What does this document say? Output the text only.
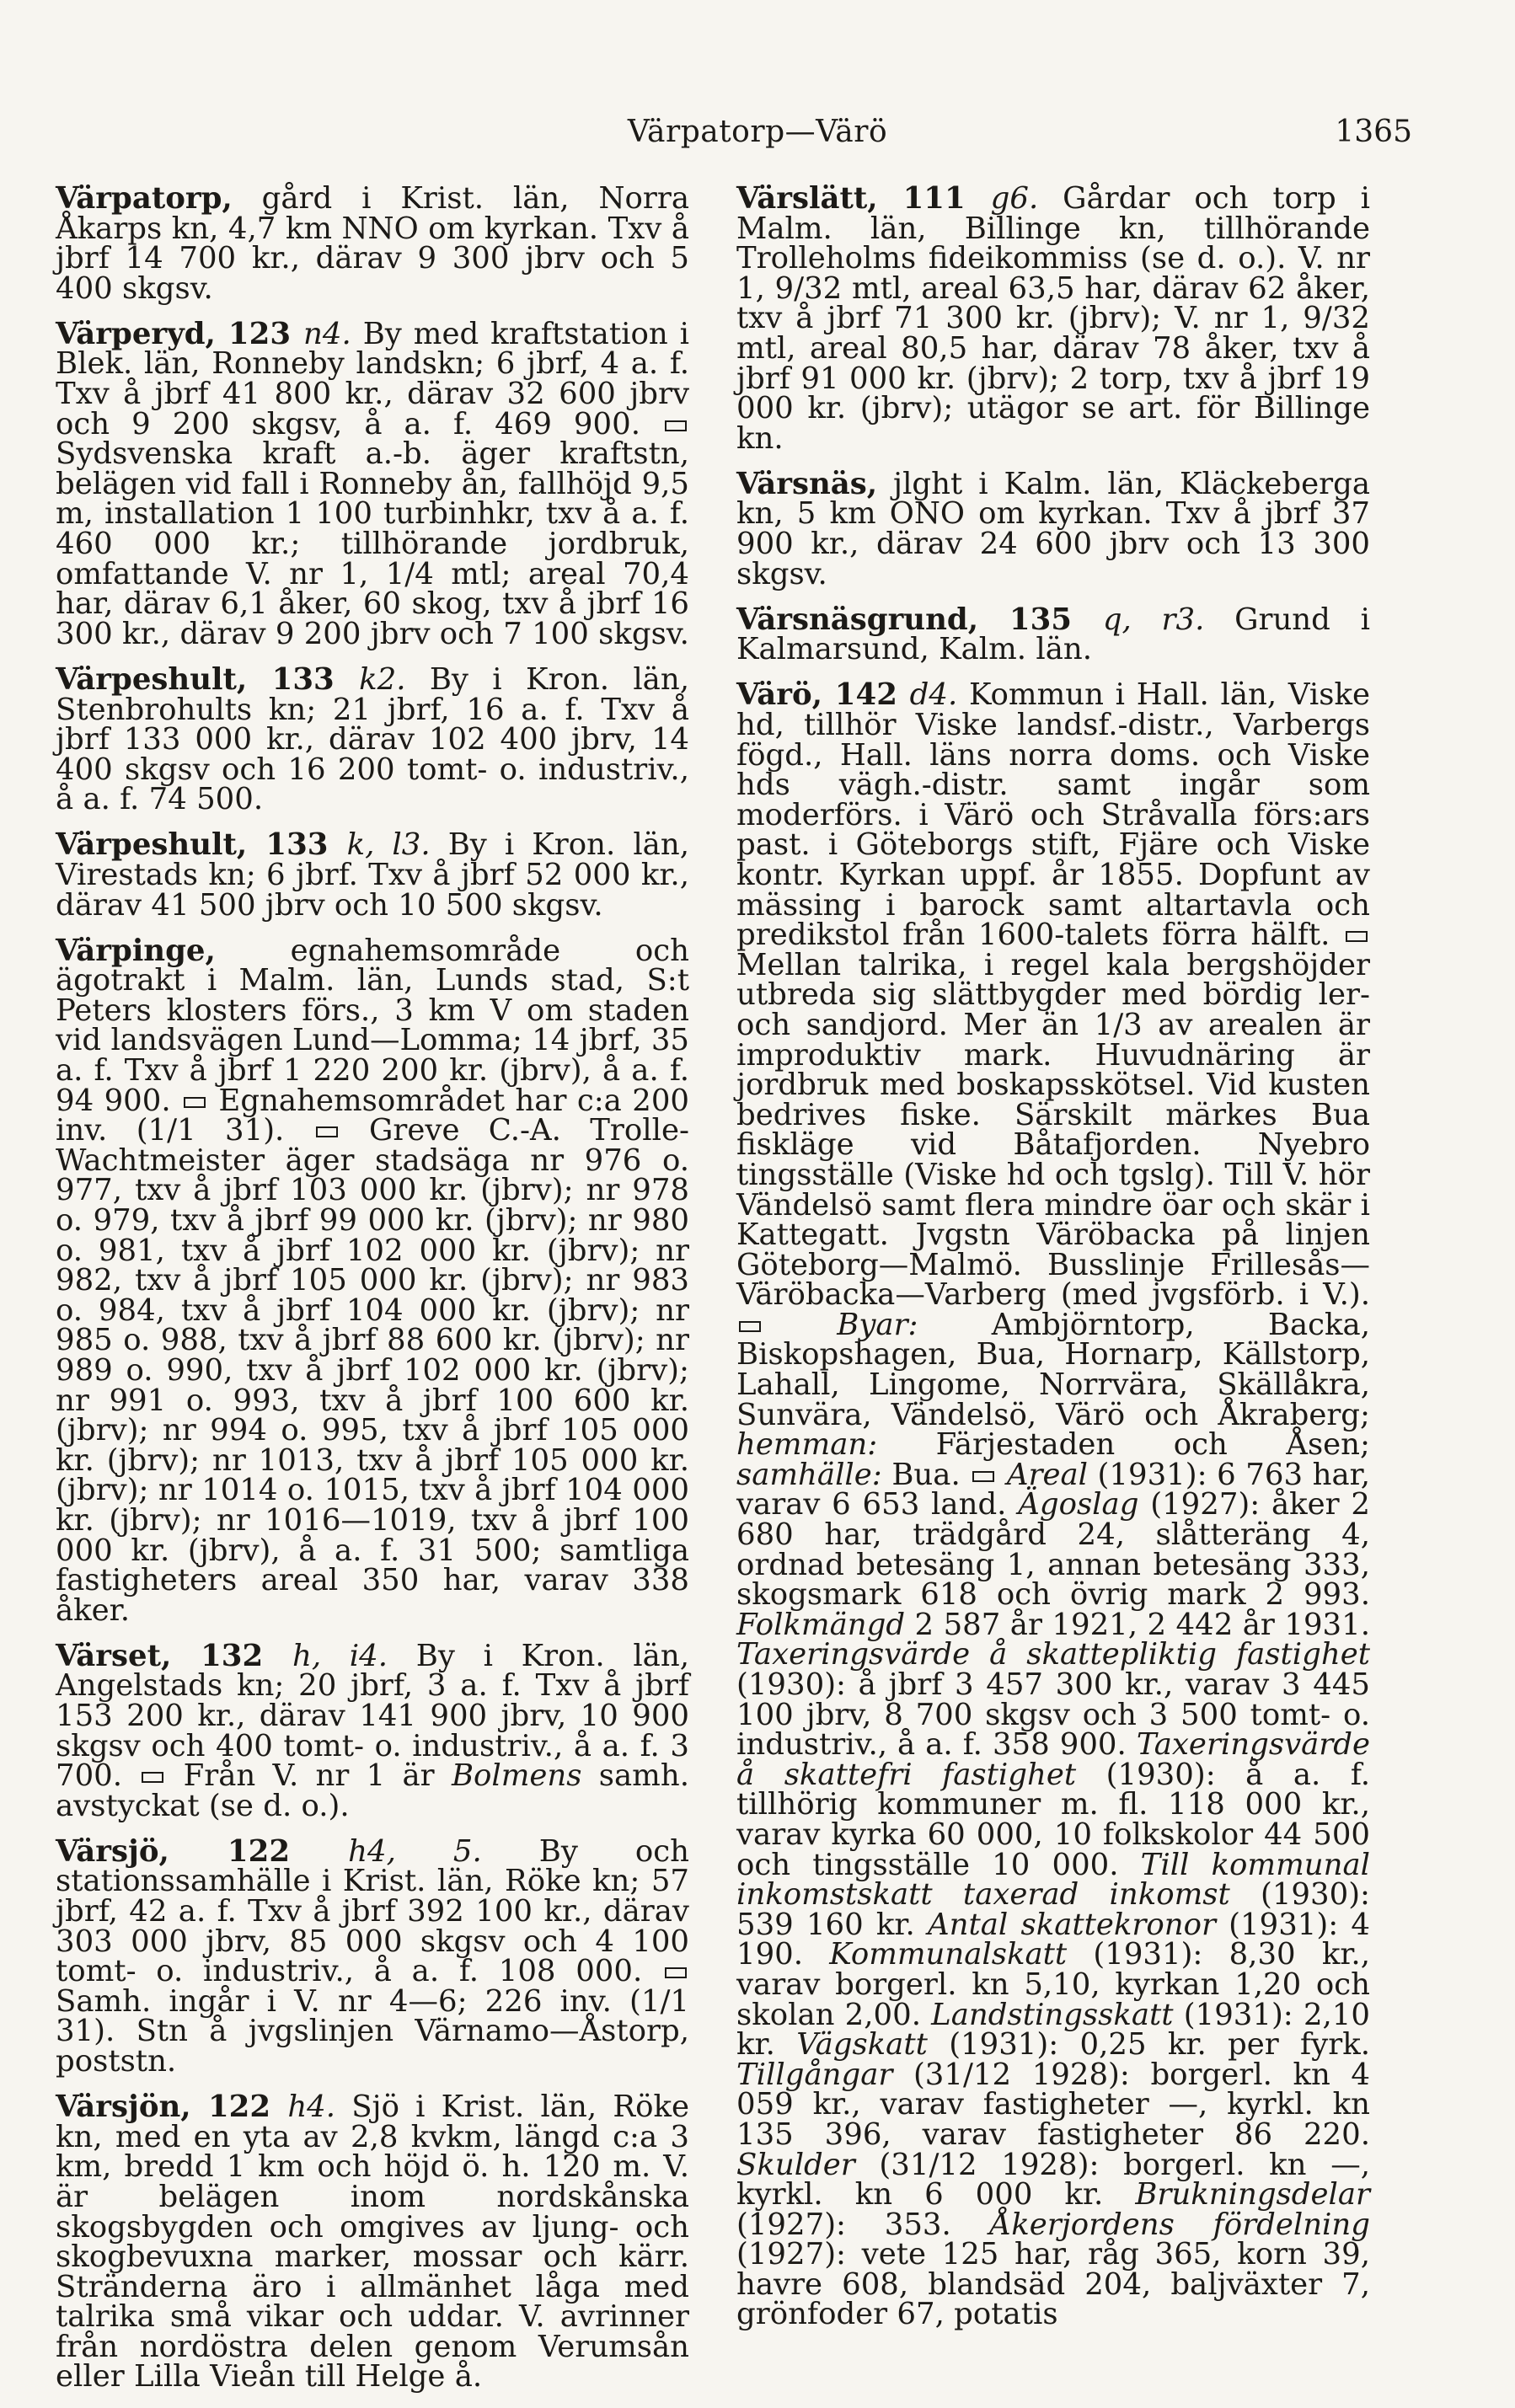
Värpatorp—Värö	1365

Värpatorp, gård i Krist. län, Norra Åkarps kn, 4,7 km NNO om kyrkan. Txv å jbrf 14 700 kr., därav 9 300 jbrv och 5 400 skgsv.

Värperyd, 123 n4. By med kraftstation i Blek. län, Ronneby landskn; 6 jbrf, 4 a. f. Txv å jbrf 41 800 kr., därav 32 600 jbrv och 9 200 skgsv, å a. f. 469 900.  Sydsvenska kraft a.-b. äger kraftstn, belägen vid fall i Ronneby ån, fallhöjd 9,5 m, installation 1 100 turbinhkr, txv å a. f. 460 000 kr.; tillhörande jordbruk, omfattande V. nr 1, 1/4 mtl; areal 70,4 har, därav 6,1 åker, 60 skog, txv å jbrf 16 300 kr., därav 9 200 jbrv och 7 100 skgsv.

Värpeshult, 133 k2. By i Kron. län, Stenbrohults kn; 21 jbrf, 16 a. f. Txv å jbrf 133 000 kr., därav 102 400 jbrv, 14 400 skgsv och 16 200 tomt- o. industriv., å a. f. 74 500.

Värpeshult, 133 k, l3. By i Kron. län, Virestads kn; 6 jbrf. Txv å jbrf 52 000 kr., därav 41 500 jbrv och 10 500 skgsv.

Värpinge, egnahemsområde och ägotrakt i Malm. län, Lunds stad, S:t Peters klosters förs., 3 km V om staden vid landsvägen Lund—Lomma; 14 jbrf, 35 a. f. Txv å jbrf 1 220 200 kr. (jbrv), å a. f. 94 900.  Egnahemsområdet har c:a 200 inv. (1/1 31).  Greve C.-A. Trolle-Wachtmeister äger stadsäga nr 976 o. 977, txv å jbrf 103 000 kr. (jbrv); nr 978 o. 979, txv å jbrf 99 000 kr. (jbrv); nr 980 o. 981, txv å jbrf 102 000 kr. (jbrv); nr 982, txv å jbrf 105 000 kr. (jbrv); nr 983 o. 984, txv å jbrf 104 000 kr. (jbrv); nr 985 o. 988, txv å jbrf 88 600 kr. (jbrv); nr 989 o. 990, txv å jbrf 102 000 kr. (jbrv); nr 991 o. 993, txv å jbrf 100 600 kr. (jbrv); nr 994 o. 995, txv å jbrf 105 000 kr. (jbrv); nr 1013, txv å jbrf 105 000 kr. (jbrv); nr 1014 o. 1015, txv å jbrf 104 000 kr. (jbrv); nr 1016—1019, txv å jbrf 100 000 kr. (jbrv), å a. f. 31 500; samtliga fastigheters areal 350 har, varav 338 åker.

Värset, 132 h, i4. By i Kron. län, Angelstads kn; 20 jbrf, 3 a. f. Txv å jbrf 153 200 kr., därav 141 900 jbrv, 10 900 skgsv och 400 tomt- o. industriv., å a. f. 3 700.  Från V. nr 1 är Bolmens samh. avstyckat (se d. o.).

Värsjö, 122 h4, 5. By och stationssamhälle i Krist. län, Röke kn; 57 jbrf, 42 a. f. Txv å jbrf 392 100 kr., därav 303 000 jbrv, 85 000 skgsv och 4 100 tomt- o. industriv., å a. f. 108 000.  Samh. ingår i V. nr 4—6; 226 inv. (1/1 31). Stn å jvgslinjen Värnamo—Åstorp, poststn.

Värsjön, 122 h4. Sjö i Krist. län, Röke kn, med en yta av 2,8 kvkm, längd c:a 3 km, bredd 1 km och höjd ö. h. 120 m. V. är belägen inom nordskånska skogsbygden och omgives av ljung- och skogbevuxna marker, mossar och kärr. Stränderna äro i allmänhet låga med talrika små vikar och uddar. V. avrinner från nordöstra delen genom Verumsån eller Lilla Vieån till Helge å.

Värslätt, 111 g6. Gårdar och torp i Malm. län, Billinge kn, tillhörande Trolleholms fideikommiss (se d. o.). V. nr 1, 9/32 mtl, areal 63,5 har, därav 62 åker, txv å jbrf 71 300 kr. (jbrv); V. nr 1, 9/32 mtl, areal 80,5 har, därav 78 åker, txv å jbrf 91 000 kr. (jbrv); 2 torp, txv å jbrf 19 000 kr. (jbrv); utägor se art. för Billinge kn.

Värsnäs, jlght i Kalm. län, Kläckeberga kn, 5 km ONO om kyrkan. Txv å jbrf 37 900 kr., därav 24 600 jbrv och 13 300 skgsv.

Värsnäsgrund, 135 q, r3. Grund i Kalmarsund, Kalm. län.

Värö, 142 d4. Kommun i Hall. län, Viske hd, tillhör Viske landsf.-distr., Varbergs fögd., Hall. läns norra doms. och Viske hds vägh.-distr. samt ingår som moderförs. i Värö och Stråvalla förs:ars past. i Göteborgs stift, Fjäre och Viske kontr. Kyrkan uppf. år 1855. Dopfunt av mässing i barock samt altartavla och predikstol från 1600-talets förra hälft.  Mellan talrika, i regel kala bergshöjder utbreda sig slättbygder med bördig ler- och sandjord. Mer än 1/3 av arealen är improduktiv mark. Huvudnäring är jordbruk med boskapsskötsel. Vid kusten bedrives fiske. Särskilt märkes Bua fiskläge vid Båtafjorden. Nyebro tingsställe (Viske hd och tgslg). Till V. hör Vändelsö samt flera mindre öar och skär i Kattegatt. Jvgstn Väröbacka på linjen Göteborg—Malmö. Busslinje Frillesås—Väröbacka—Varberg (med jvgsförb. i V.).  Byar: Ambjörntorp, Backa, Biskopshagen, Bua, Hornarp, Källstorp, Lahall, Lingome, Norrvära, Skällåkra, Sunvära, Vändelsö, Värö och Åkraberg; hemman: Färjestaden och Åsen; samhälle: Bua.  Areal (1931): 6 763 har, varav 6 653 land. Ägoslag (1927): åker 2 680 har, trädgård 24, slåtteräng 4, ordnad betesäng 1, annan betesäng 333, skogsmark 618 och övrig mark 2 993. Folkmängd 2 587 år 1921, 2 442 år 1931. Taxeringsvärde å skattepliktig fastighet (1930): å jbrf 3 457 300 kr., varav 3 445 100 jbrv, 8 700 skgsv och 3 500 tomt- o. industriv., å a. f. 358 900. Taxeringsvärde å skattefri fastighet (1930): å a. f. tillhörig kommuner m. fl. 118 000 kr., varav kyrka 60 000, 10 folkskolor 44 500 och tingsställe 10 000. Till kommunal inkomstskatt taxerad inkomst (1930): 539 160 kr. Antal skattekronor (1931): 4 190. Kommunalskatt (1931): 8,30 kr., varav borgerl. kn 5,10, kyrkan 1,20 och skolan 2,00. Landstingsskatt (1931): 2,10 kr. Vägskatt (1931): 0,25 kr. per fyrk. Tillgångar (31/12 1928): borgerl. kn 4 059 kr., varav fastigheter —, kyrkl. kn 135 396, varav fastigheter 86 220. Skulder (31/12 1928): borgerl. kn —, kyrkl. kn 6 000 kr. Brukningsdelar (1927): 353. Åkerjordens fördelning (1927): vete 125 har, råg 365, korn 39, havre 608, blandsäd 204, baljväxter 7, grönfoder 67, potatis
